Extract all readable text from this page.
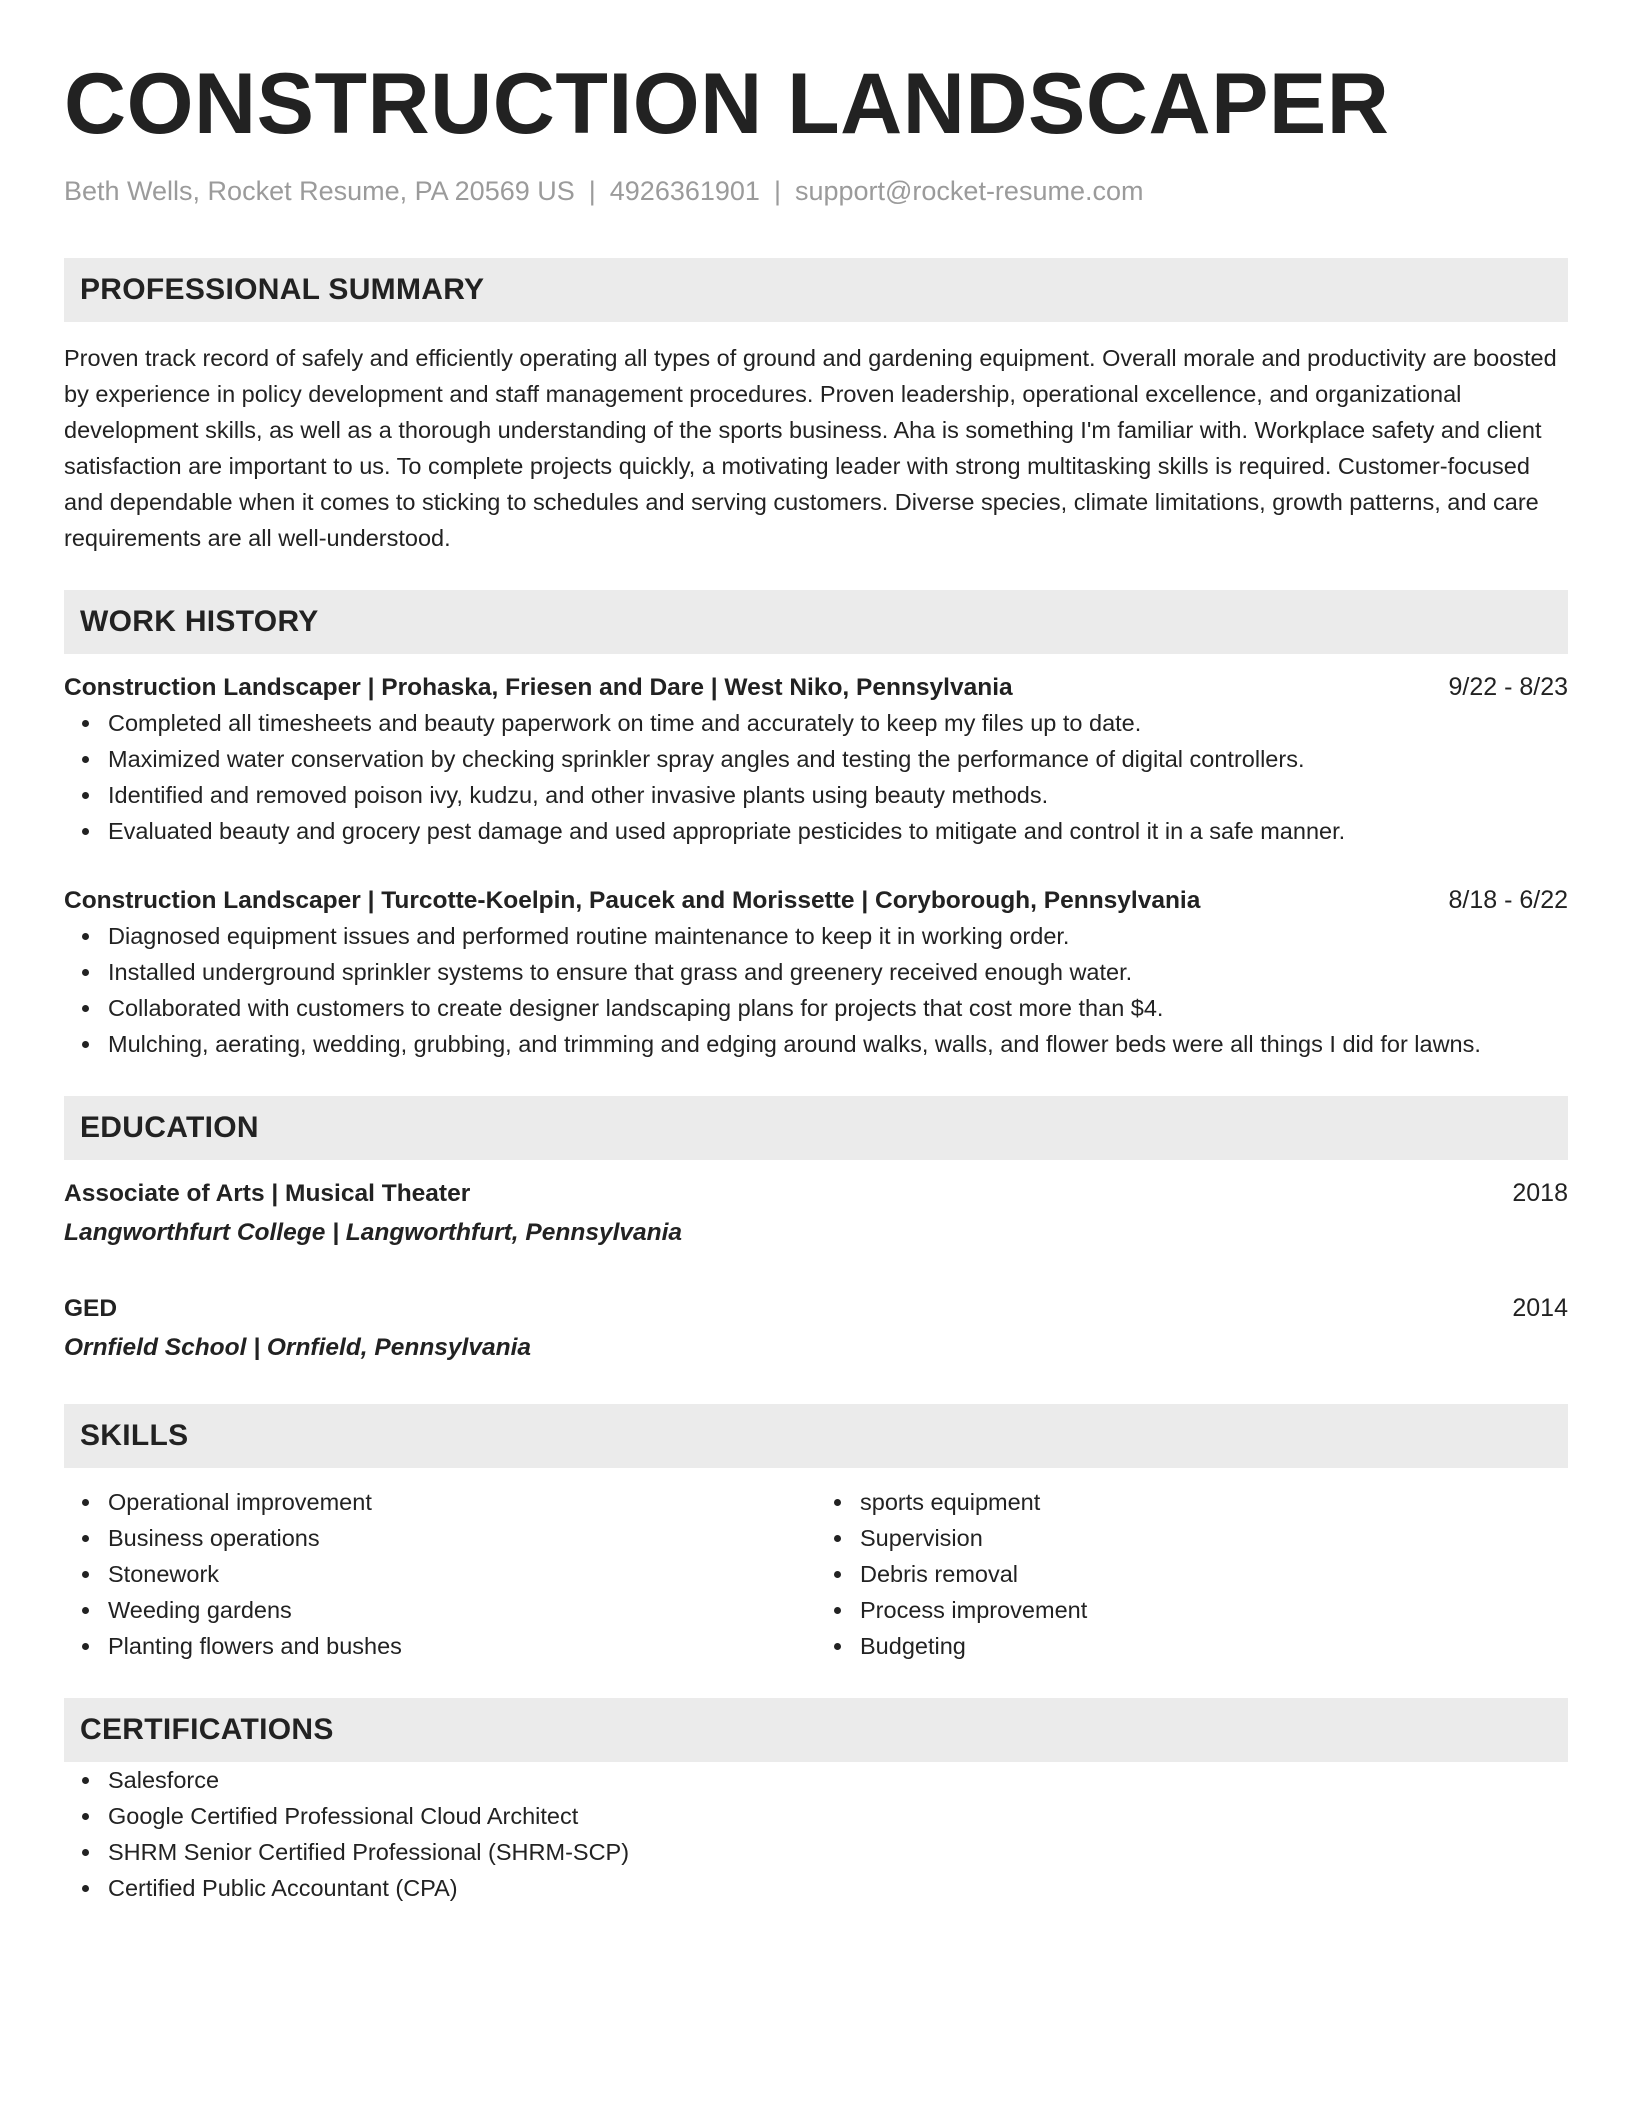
CONSTRUCTION LANDSCAPER
Beth Wells, Rocket Resume, PA 20569 US | 4926361901 | support@rocket-resume.com
PROFESSIONAL SUMMARY
Proven track record of safely and efficiently operating all types of ground and gardening equipment. Overall morale and productivity are boosted by experience in policy development and staff management procedures. Proven leadership, operational excellence, and organizational development skills, as well as a thorough understanding of the sports business. Aha is something I'm familiar with. Workplace safety and client satisfaction are important to us. To complete projects quickly, a motivating leader with strong multitasking skills is required. Customer-focused and dependable when it comes to sticking to schedules and serving customers. Diverse species, climate limitations, growth patterns, and care requirements are all well-understood.
WORK HISTORY
Construction Landscaper | Prohaska, Friesen and Dare | West Niko, Pennsylvania	9/22 - 8/23
Completed all timesheets and beauty paperwork on time and accurately to keep my files up to date.
Maximized water conservation by checking sprinkler spray angles and testing the performance of digital controllers.
Identified and removed poison ivy, kudzu, and other invasive plants using beauty methods.
Evaluated beauty and grocery pest damage and used appropriate pesticides to mitigate and control it in a safe manner.
Construction Landscaper | Turcotte-Koelpin, Paucek and Morissette | Coryborough, Pennsylvania	8/18 - 6/22
Diagnosed equipment issues and performed routine maintenance to keep it in working order.
Installed underground sprinkler systems to ensure that grass and greenery received enough water.
Collaborated with customers to create designer landscaping plans for projects that cost more than $4.
Mulching, aerating, wedding, grubbing, and trimming and edging around walks, walls, and flower beds were all things I did for lawns.
EDUCATION
Associate of Arts | Musical Theater	2018
Langworthfurt College | Langworthfurt, Pennsylvania
GED	2014
Ornfield School | Ornfield, Pennsylvania
SKILLS
Operational improvement
Business operations
Stonework
Weeding gardens
Planting flowers and bushes
sports equipment
Supervision
Debris removal
Process improvement
Budgeting
CERTIFICATIONS
Salesforce
Google Certified Professional Cloud Architect
SHRM Senior Certified Professional (SHRM-SCP)
Certified Public Accountant (CPA)
